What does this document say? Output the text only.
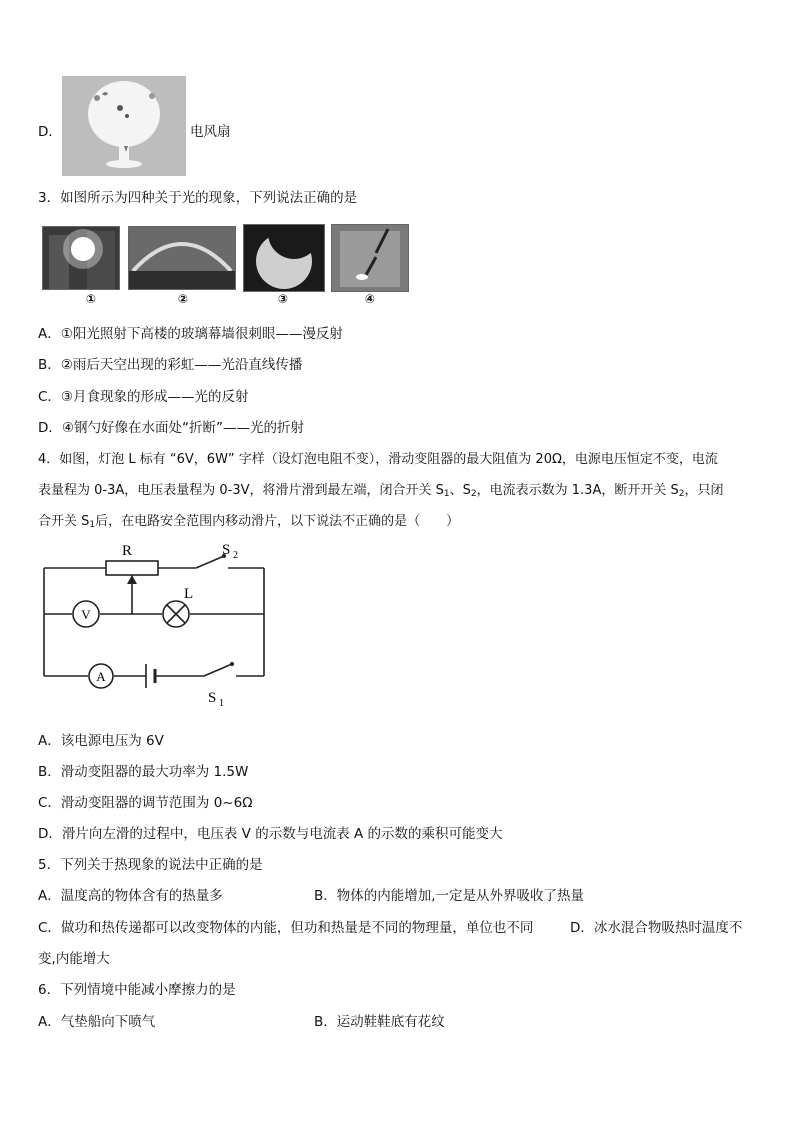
D．	电风扇
3．如图所示为四种关于光的现象，下列说法正确的是
①	②	③	④
A．①阳光照射下高楼的玻璃幕墙很刺眼——漫反射
B．②雨后天空出现的彩虹——光沿直线传播
C．③月食现象的形成——光的反射
D．④钢勺好像在水面处“折断”——光的折射
4．如图，灯泡 L 标有 “6V，6W” 字样（设灯泡电阻不变），滑动变阻器的最大阻值为 20Ω，电源电压恒定不变，电流
表量程为 0-3A，电压表量程为 0-3V，将滑片滑到最左端，闭合开关 $S_1$、$S_2$，电流表示数为 1.3A，断开开关 $S_2$，只闭
合开关 $S_1$后，在电路安全范围内移动滑片，以下说法不正确的是（　　）
V
L
A
R	S 2
S 1
A．该电源电压为 6V
B．滑动变阻器的最大功率为 1.5W
C．滑动变阻器的调节范围为 0~6Ω
D．滑片向左滑的过程中，电压表 V 的示数与电流表 A 的示数的乘积可能变大
5．下列关于热现象的说法中正确的是
A．温度高的物体含有的热量多	B．物体的内能增加,一定是从外界吸收了热量
C．做功和热传递都可以改变物体的内能，但功和热量是不同的物理量，单位也不同	D．冰水混合物吸热时温度不
变,内能增大
6．下列情境中能减小摩擦力的是
A．气垫船向下喷气	B．运动鞋鞋底有花纹
